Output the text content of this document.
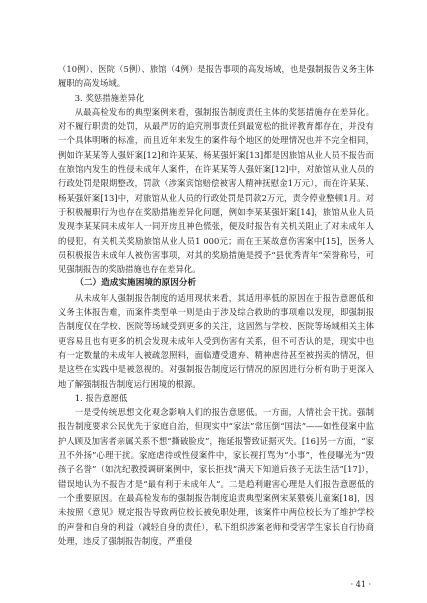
（10例）、医院（5例）、旅馆（4例）是报告事项的高发场域，也是强制报告义务主体履职的高发场域。

3. 奖惩措施差异化

从最高检发布的典型案例来看，强制报告制度责任主体的奖惩措施存在差异化。对不履行职责的处罚，从最严厉的追究刑事责任到最宽松的批评教育都存在，并没有一个具体明晰的标准，而且近年来发生的案件每个地区的处理情况也并不完全相同，例如许某某等人强奸案[12]和许某某、杨某强奸案[13]都是因旅馆从业人员不报告而在旅馆内发生的性侵未成年人案件，在许某某等人强奸案[12]中，对旅馆从业人员的行政处罚是限期整改，罚款（涉案宾馆赔偿被害人精神抚慰金1万元），而在许某某、杨某强奸案[13]中，对旅馆从业人员的行政处罚是罚款2万元，责令停业整顿1月。对于积极履职行为也存在奖励措施差异化问题，例如李某某强奸案[14]，旅馆从业人员发现李某某同未成年人一同开房且神色慌张，便及时报告有关机关阻止了对未成年人的侵犯，有关机关奖励旅馆从业人员1 000元；而在王某故意伤害案中[15]，医务人员积极报告未成年人被伤害事项，对其的奖励措施是授予“县优秀青年”荣誉称号，可见强制报告的奖励措施也存在差异化。

（二）造成实施困境的原因分析

从未成年人强制报告制度的适用现状来看，其适用率低的原因在于报告意愿低和义务主体报告难，而案件类型单一则是由于涉及综合救助的事项难以发现，即强制报告制度仅在学校、医院等场域受到更多的关注，这固然与学校、医院等场域相关主体更容易且也有更多的机会发现未成年人受到伤害有关系，但不可否认的是，现实中也有一定数量的未成年人被疏忽照料，面临遭受遗弃、精神虐待甚至被拐卖的情况，但是这些在实践中是被忽视的。对强制报告制度运行情况的原因进行分析有助于更深入地了解强制报告制度运行困境的根源。

1. 报告意愿低

一是受传统思想文化观念影响人们的报告意愿低。一方面，人情社会干扰。强制报告制度要求公民优先于家庭自治，但现实中“家法”常压倒“国法”——如性侵案中监护人顾及加害者亲属关系不想“撕破脸皮”，拖延报警致证据灭失。[16]另一方面，“家丑不外扬”心理干扰。家庭虐待或性侵案件中，家长视打骂为“小事”，性侵曝光为“毁孩子名誉”（如沈纪教授调研案例中，家长拒找“满天下知道后孩子无法生活”[17]），错误地认为不报告才是“最有利于未成年人”。二是趋利避害心理是人们报告意愿低的一个重要原因。在最高检发布的强制报告制度追责典型案例宋某猥亵儿童案[18]，因未按照《意见》规定报告导致两位校长被免职处理，该案件中两位校长为了维护学校的声誉和自身的利益（减轻自身的责任），私下组织涉案老师和受害学生家长自行协商处理，违反了强制报告制度，严重侵

· 41 ·
